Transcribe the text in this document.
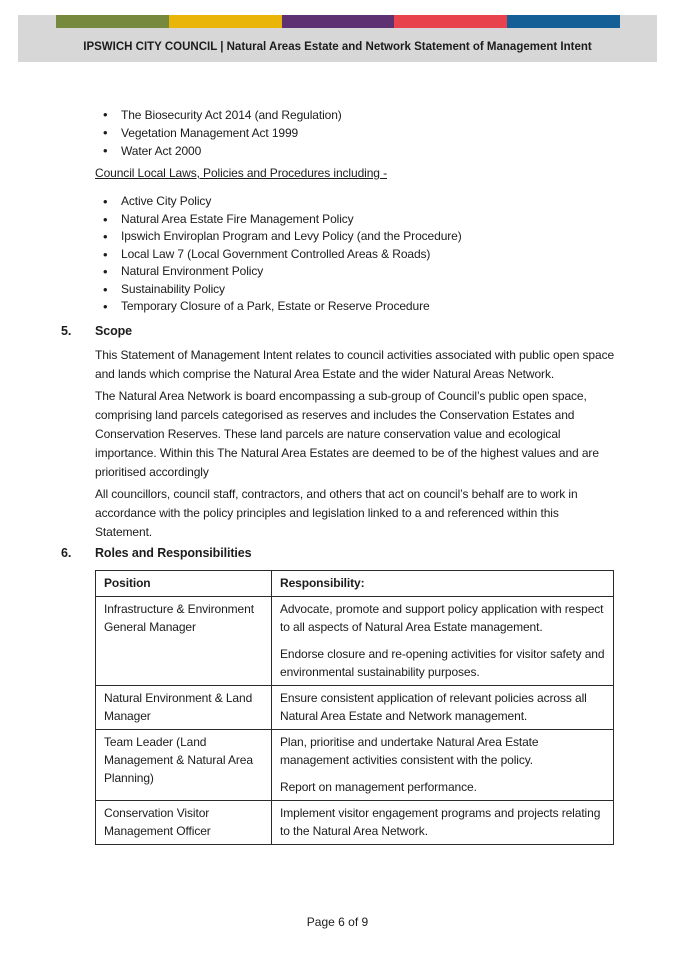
IPSWICH CITY COUNCIL | Natural Areas Estate and Network Statement of Management Intent
• The Biosecurity Act 2014 (and Regulation)
• Vegetation Management Act 1999
• Water Act 2000

Council Local Laws, Policies and Procedures including -

• Active City Policy
• Natural Area Estate Fire Management Policy
• Ipswich Enviroplan Program and Levy Policy (and the Procedure)
• Local Law 7 (Local Government Controlled Areas & Roads)
• Natural Environment Policy
• Sustainability Policy
• Temporary Closure of a Park, Estate or Reserve Procedure
5. Scope

This Statement of Management Intent relates to council activities associated with public open space and lands which comprise the Natural Area Estate and the wider Natural Areas Network.

The Natural Area Network is board encompassing a sub-group of Council’s public open space, comprising land parcels categorised as reserves and includes the Conservation Estates and Conservation Reserves. These land parcels are nature conservation value and ecological importance. Within this The Natural Area Estates are deemed to be of the highest values and are prioritised accordingly

All councillors, council staff, contractors, and others that act on council’s behalf are to work in accordance with the policy principles and legislation linked to a and referenced within this Statement.

6. Roles and Responsibilities
Position	Responsibility:
Infrastructure & Environment General Manager	Advocate, promote and support policy application with respect to all aspects of Natural Area Estate management.

Endorse closure and re-opening activities for visitor safety and environmental sustainability purposes.

Natural Environment & Land Manager	Ensure consistent application of relevant policies across all Natural Area Estate and Network management.

Team Leader (Land Management & Natural Area Planning)	Plan, prioritise and undertake Natural Area Estate management activities consistent with the policy.

Report on management performance.

Conservation Visitor Management Officer	Implement visitor engagement programs and projects relating to the Natural Area Network.

Page 6 of 9
